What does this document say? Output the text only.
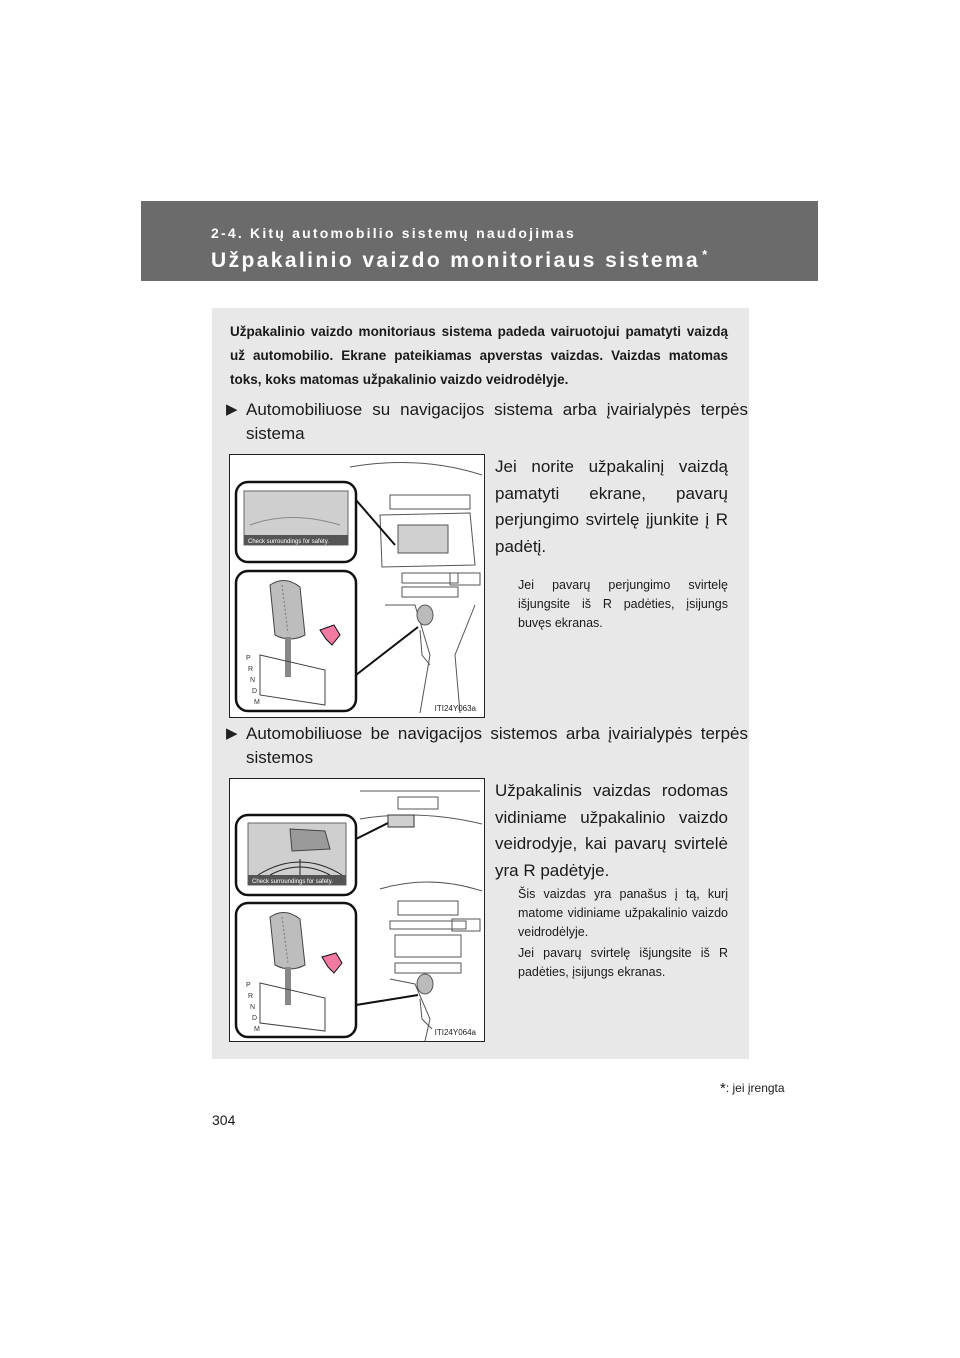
2-4. Kitų automobilio sistemų naudojimas
Užpakalinio vaizdo monitoriaus sistema *
Užpakalinio vaizdo monitoriaus sistema padeda vairuotojui pamatyti vaizdą už automobilio. Ekrane pateikiamas apverstas vaizdas. Vaizdas matomas toks, koks matomas užpakalinio vaizdo veidrodėlyje.
▶ Automobiliuose su navigacijos sistema arba įvairialypės terpės sistema
Check surroundings for safety.
P
R
N
D
M
ITI24Y063a
Jei norite užpakalinį vaizdą pamatyti ekrane, pavarų perjungimo svirtelę įjunkite į R padėtį.
Jei pavarų perjungimo svirtelę išjungsite iš R padėties, įsijungs buvęs ekranas.
▶ Automobiliuose be navigacijos sistemos arba įvairialypės terpės sistemos
Check surroundings for safety.
P
R
N
D
M	ITI24Y064a
Užpakalinis vaizdas rodomas vidiniame užpakalinio vaizdo veidrodyje, kai pavarų svirtelė yra R padėtyje.
Šis vaizdas yra panašus į tą, kurį matome vidiniame užpakalinio vaizdo veidrodėlyje.
Jei pavarų svirtelę išjungsite iš R padėties, įsijungs ekranas.
*: jei įrengta
304
